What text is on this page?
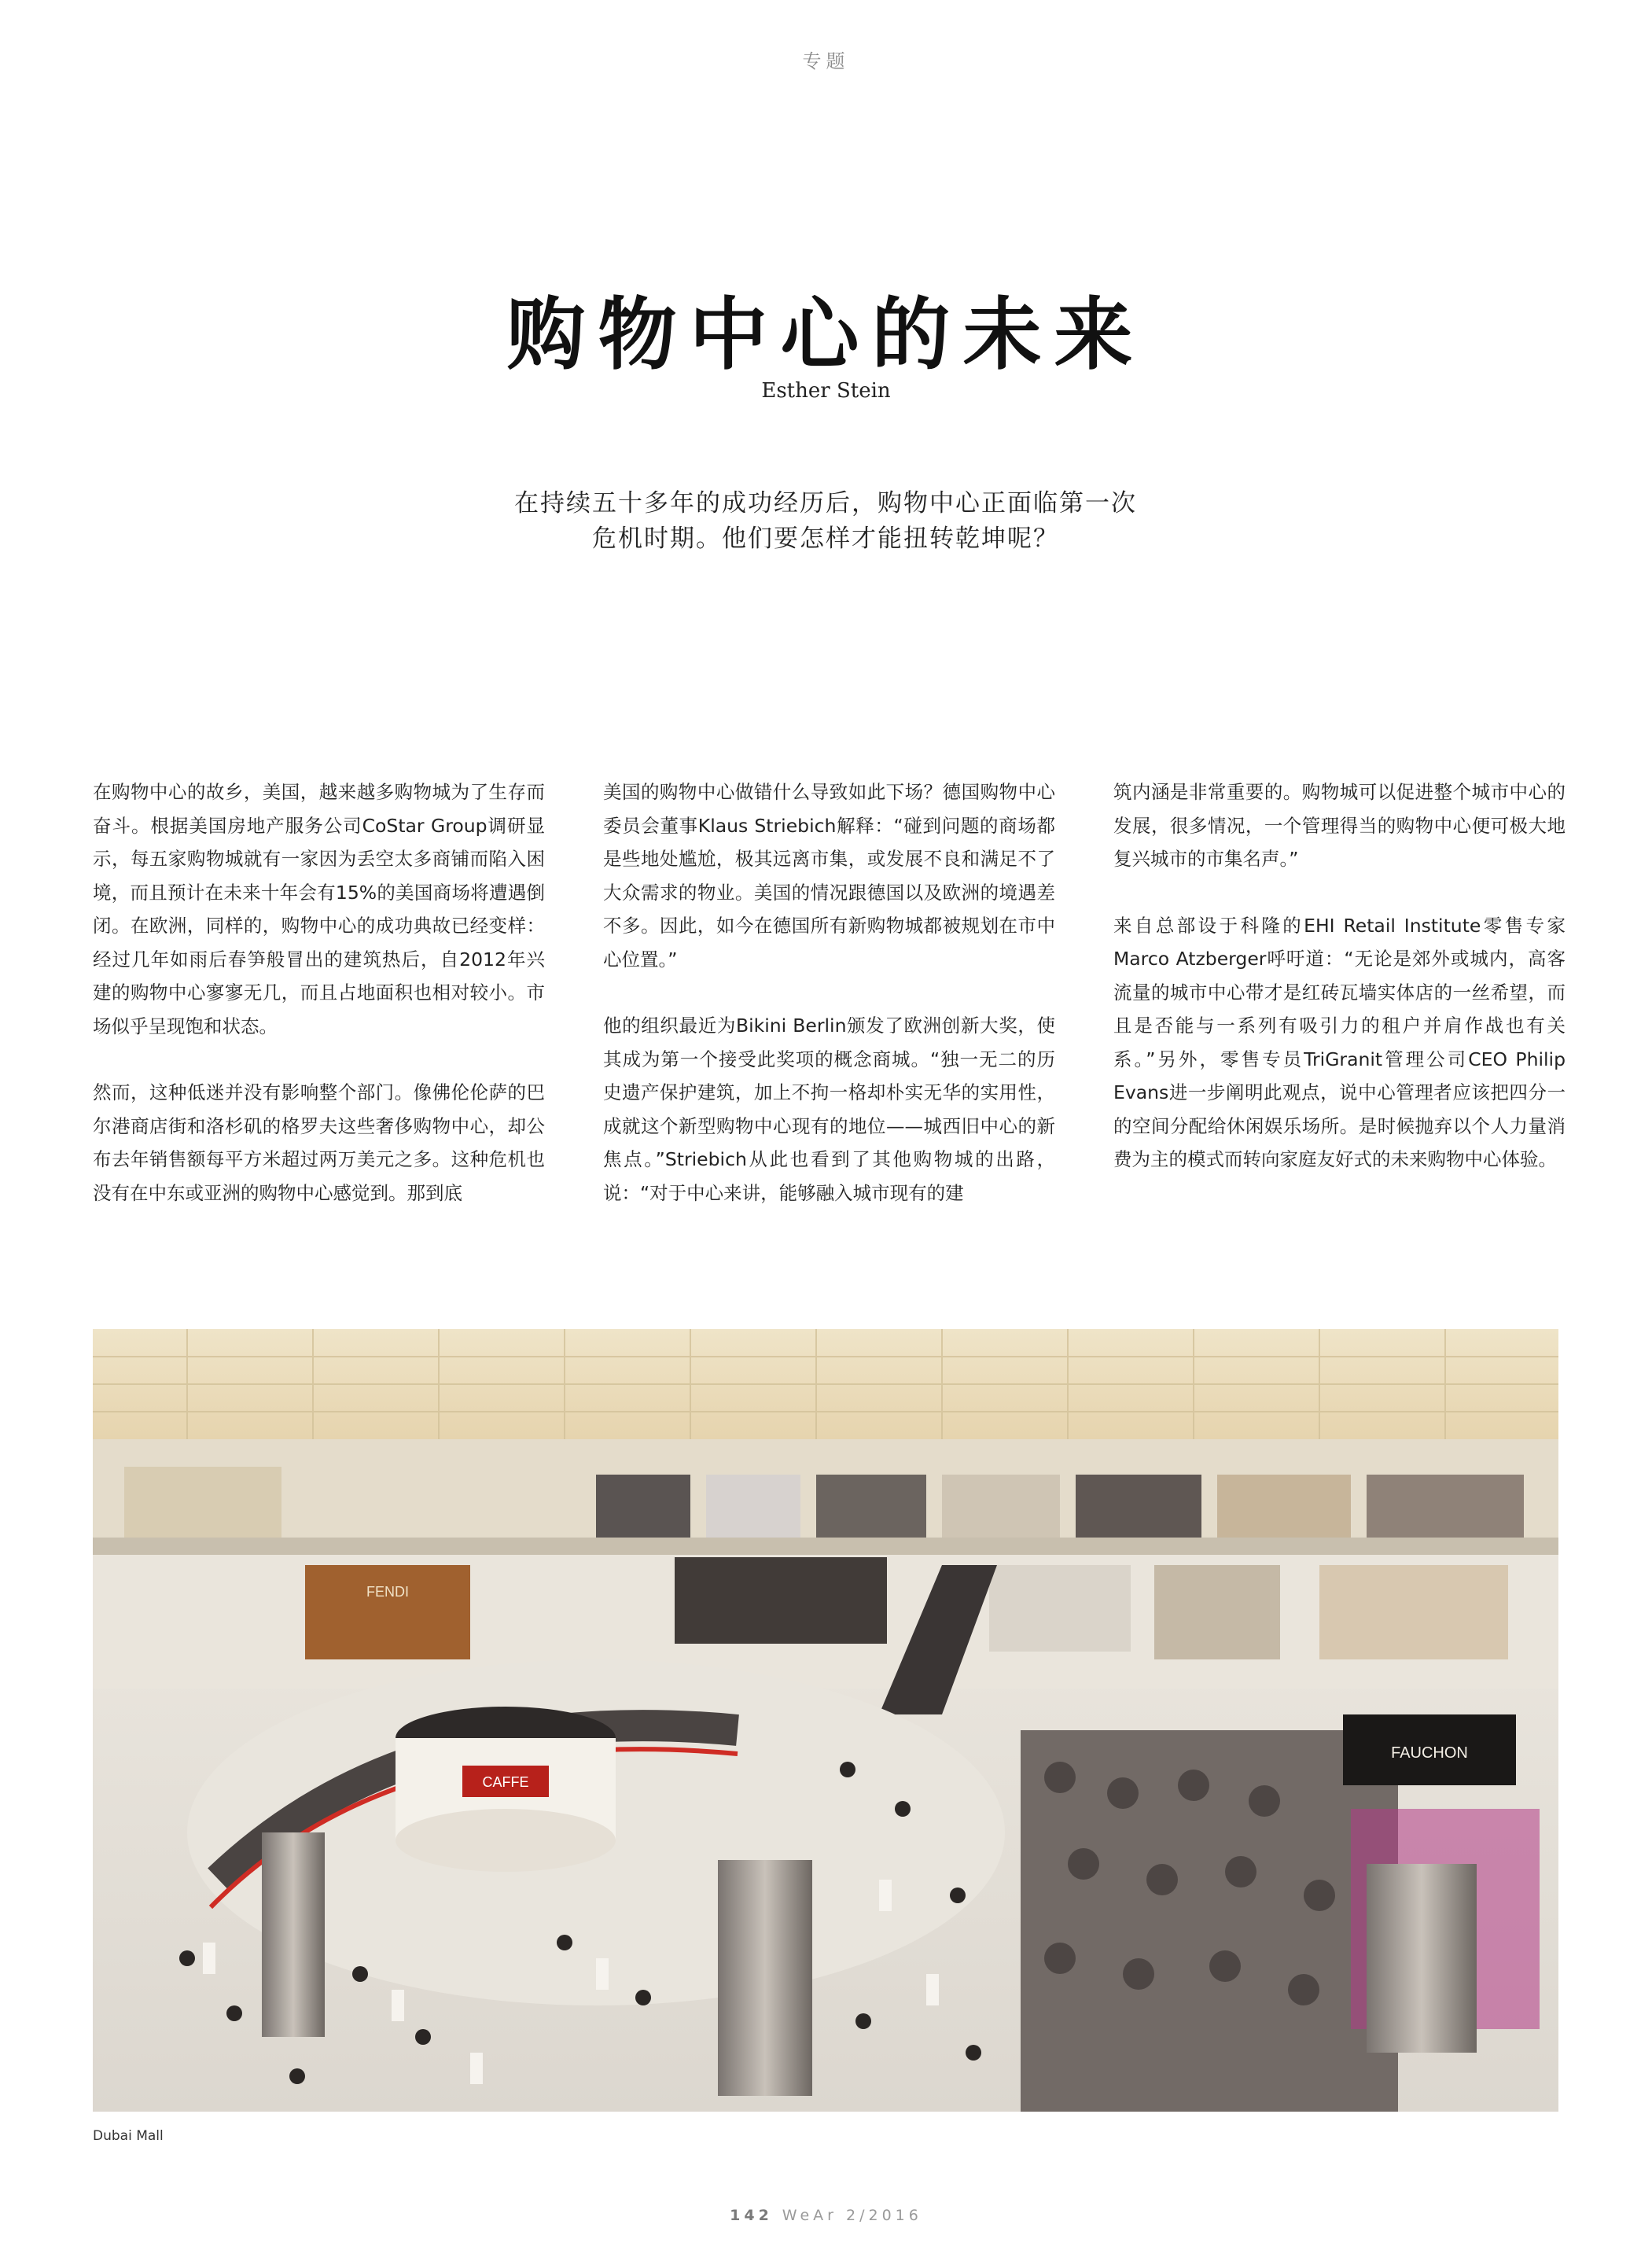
专题
购物中心的未来
Esther Stein
在持续五十多年的成功经历后，购物中心正面临第一次危机时期。他们要怎样才能扭转乾坤呢？

在购物中心的故乡，美国，越来越多购物城为了生存而奋斗。根据美国房地产服务公司CoStar Group调研显示，每五家购物城就有一家因为丢空太多商铺而陷入困境，而且预计在未来十年会有15%的美国商场将遭遇倒闭。在欧洲，同样的，购物中心的成功典故已经变样：经过几年如雨后春笋般冒出的建筑热后，自2012年兴建的购物中心寥寥无几，而且占地面积也相对较小。市场似乎呈现饱和状态。

然而，这种低迷并没有影响整个部门。像佛伦伦萨的巴尔港商店街和洛杉矶的格罗夫这些奢侈购物中心，却公布去年销售额每平方米超过两万美元之多。这种危机也没有在中东或亚洲的购物中心感觉到。那到底

美国的购物中心做错什么导致如此下场？德国购物中心委员会董事Klaus Striebich解释：“碰到问题的商场都是些地处尴尬，极其远离市集，或发展不良和满足不了大众需求的物业。美国的情况跟德国以及欧洲的境遇差不多。因此，如今在德国所有新购物城都被规划在市中心位置。”

他的组织最近为Bikini Berlin颁发了欧洲创新大奖，使其成为第一个接受此奖项的概念商城。“独一无二的历史遗产保护建筑，加上不拘一格却朴实无华的实用性，成就这个新型购物中心现有的地位——城西旧中心的新焦点。”Striebich从此也看到了其他购物城的出路，说：“对于中心来讲，能够融入城市现有的建

筑内涵是非常重要的。购物城可以促进整个城市中心的发展，很多情况，一个管理得当的购物中心便可极大地复兴城市的市集名声。”

来自总部设于科隆的EHI Retail Institute零售专家Marco Atzberger呼吁道：“无论是郊外或城内，高客流量的城市中心带才是红砖瓦墙实体店的一丝希望，而且是否能与一系列有吸引力的租户并肩作战也有关系。”另外，零售专员TriGranit管理公司CEO Philip Evans进一步阐明此观点，说中心管理者应该把四分一的空间分配给休闲娱乐场所。是时候抛弃以个人力量消费为主的模式而转向家庭友好式的未来购物中心体验。

FENDI
CAFFE
FAUCHON
Dubai Mall
142 WeAr 2/2016
